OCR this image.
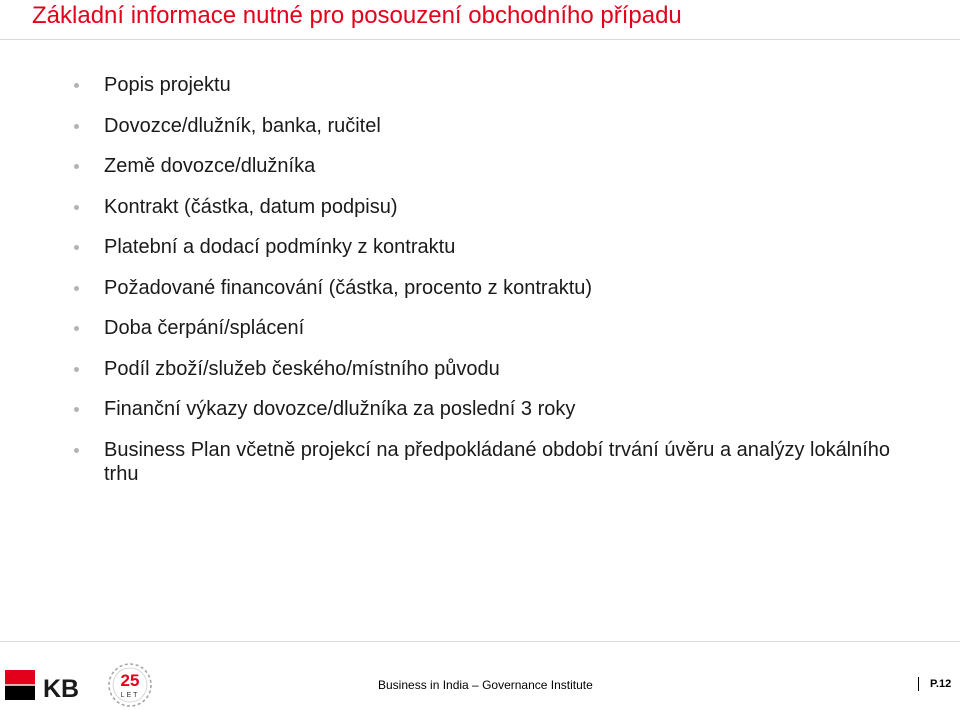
Základní informace nutné pro posouzení obchodního případu
Popis projektu
Dovozce/dlužník, banka, ručitel
Země dovozce/dlužníka
Kontrakt (částka, datum podpisu)
Platební a dodací podmínky z kontraktu
Požadované financování (částka, procento z kontraktu)
Doba čerpání/splácení
Podíl zboží/služeb českého/místního původu
Finanční výkazy dovozce/dlužníka za poslední 3 roky
Business Plan včetně projekcí na předpokládané období trvání úvěru a analýzy lokálního trhu
KB 25
LET
Business in India – Governance Institute	P.12
